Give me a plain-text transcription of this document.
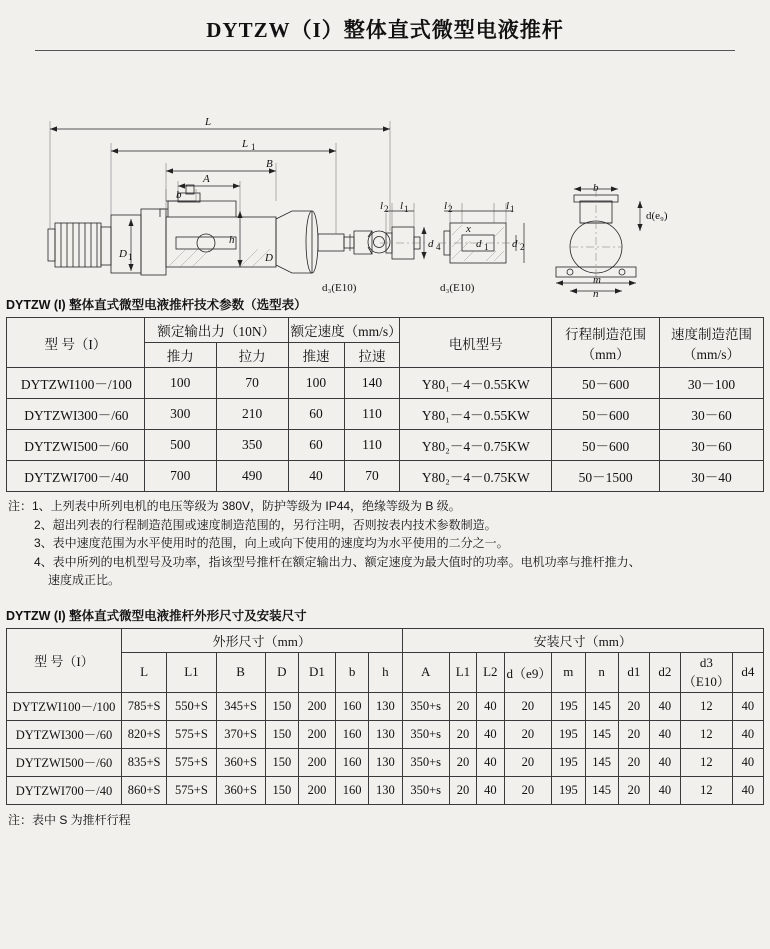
DYTZW（I）整体直式微型电液推杆
L
L 1
B
A
b
h
D 1	D
l 2 l 1
d 4
d₃(E10)
l 2	l 1
x
d 1 d 2
d₃(E10)
b
d(e₉)
n
m
DYTZW (I) 整体直式微型电液推杆技术参数（选型表）
型 号（I）	额定输出力（10N）		额定速度（mm/s）		电机型号	行程制造范围（mm）	速度制造范围（mm/s）
	推力	拉力	推速	拉速			
DYTZWI100－/100	100	70	100	140	Y80₁－4－0.55KW	50－600	30－100
DYTZWI300－/60	300	210	60	110	Y80₁－4－0.55KW	50－600	30－60
DYTZWI500－/60	500	350	60	110	Y80₂－4－0.75KW	50－600	30－60
DYTZWI700－/40	700	490	40	70	Y80₂－4－0.75KW	50－1500	30－40
注：1、上列表中所列电机的电压等级为 380V，防护等级为 IP44，绝缘等级为 B 级。
2、超出列表的行程制造范围或速度制造范围的，另行注明，否则按表内技术参数制造。
3、表中速度范围为水平使用时的范围，向上或向下使用的速度均为水平使用的二分之一。
4、表中所列的电机型号及功率，指该型号推杆在额定输出力、额定速度为最大值时的功率。电机功率与推杆推力、
速度成正比。
DYTZW (I) 整体直式微型电液推杆外形尺寸及安装尺寸
型 号（I）	外形尺寸（mm）							安装尺寸（mm）									
	L	L1	B	D	D1	b	h	A	L1	L2	d（e9）	m	n	d1	d2	d3（E10）	d4
DYTZWI100－/100	785+S	550+S	345+S	150	200	160	130	350+s	20	40	20	195	145	20	40	12	40
DYTZWI300－/60	820+S	575+S	370+S	150	200	160	130	350+s	20	40	20	195	145	20	40	12	40
DYTZWI500－/60	835+S	575+S	360+S	150	200	160	130	350+s	20	40	20	195	145	20	40	12	40
DYTZWI700－/40	860+S	575+S	360+S	150	200	160	130	350+s	20	40	20	195	145	20	40	12	40
注：表中 S 为推杆行程
